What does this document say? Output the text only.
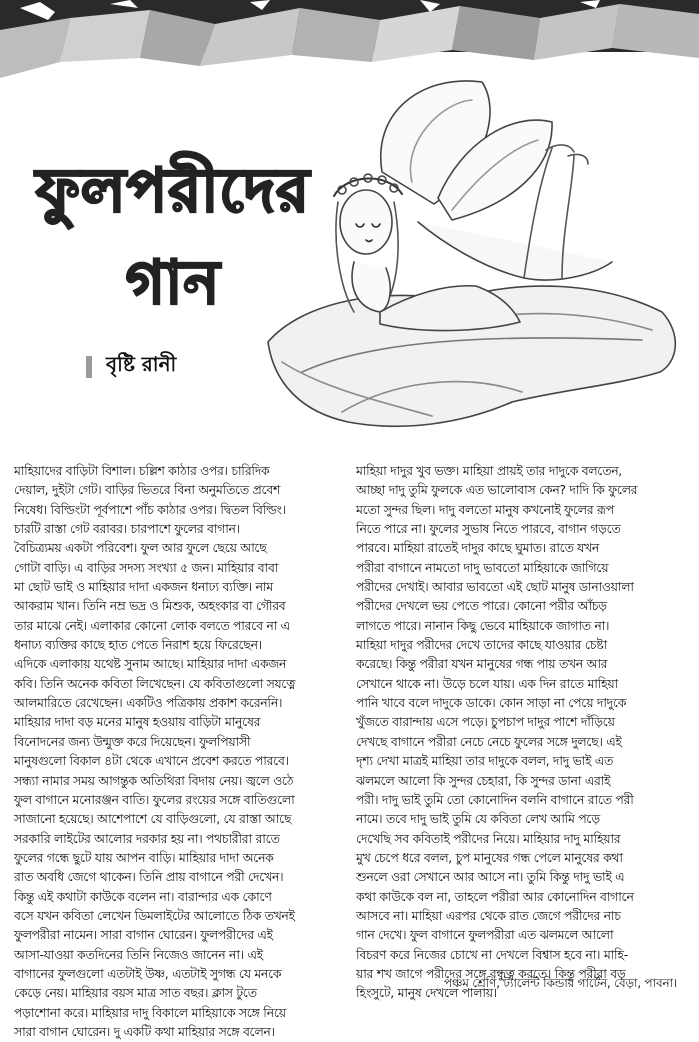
ফুলপরীদের
গান
বৃষ্টি রানী

মাহিয়াদের বাড়িটা বিশাল। চল্লিশ কাঠার ওপর। চারিদিক

দেয়াল, দুইটা গেট। বাড়ির ভিতরে বিনা অনুমতিতে প্রবেশ

নিষেধ। বিল্ডিংটা পূর্বপাশে পাঁচ কাঠার ওপর। দ্বিতল বিল্ডিং।

চারটি রাস্তা গেট বরাবর। চারপাশে ফুলের বাগান।

বৈচিত্র্যময় একটা পরিবেশ। ফুল আর ফুলে ছেয়ে আছে

গোটা বাড়ি। এ বাড়ির সদস্য সংখ্যা ৫ জন। মাহিয়ার বাবা

মা ছোট ভাই ও মাহিয়ার দাদা একজন ধনাঢ্য ব্যক্তি। নাম

আকরাম খান। তিনি নম্র ভদ্র ও মিশুক, অহংকার বা গৌরব

তার মাঝে নেই। এলাকার কোনো লোক বলতে পারবে না এ

ধনাঢ্য ব্যক্তির কাছে হাত পেতে নিরাশ হয়ে ফিরেছেন।

এদিকে এলাকায় যথেষ্ট সুনাম আছে। মাহিয়ার দাদা একজন

কবি। তিনি অনেক কবিতা লিখেছেন। যে কবিতাগুলো সযত্নে

আলমারিতে রেখেছেন। একটিও পত্রিকায় প্রকাশ করেননি।

মাহিয়ার দাদা বড় মনের মানুষ হওয়ায় বাড়িটা মানুষের

বিনোদনের জন্য উন্মুক্ত করে দিয়েছেন। ফুলপিয়াসী

মানুষগুলো বিকাল ৪টা থেকে এখানে প্রবেশ করতে পারবে।

সন্ধ্যা নামার সময় আগন্তুক অতিথিরা বিদায় নেয়। জ্বলে ওঠে

ফুল বাগানে মনোরঞ্জন বাতি। ফুলের রংয়ের সঙ্গে বাতিগুলো

সাজানো হয়েছে। আশেপাশে যে বাড়িগুলো, যে রাস্তা আছে

সরকারি লাইটের আলোর দরকার হয় না। পথচারীরা রাতে

ফুলের গন্ধে ছুটে যায় আপন বাড়ি। মাহিয়ার দাদা অনেক

রাত অবধি জেগে থাকেন। তিনি প্রায় বাগানে পরী দেখেন।

কিন্তু এই কথাটা কাউকে বলেন না। বারান্দার এক কোণে

বসে যখন কবিতা লেখেন ডিমলাইটের আলোতে ঠিক তখনই

ফুলপরীরা নামেন। সারা বাগান ঘোরেন। ফুলপরীদের এই

আসা-যাওয়া কতদিনের তিনি নিজেও জানেন না। এই

বাগানের ফুলগুলো এতটাই উষ্ণ, এতটাই সুগন্ধ যে মনকে

কেড়ে নেয়। মাহিয়ার বয়স মাত্র সাত বছর। ক্লাস টুতে

পড়াশোনা করে। মাহিয়ার দাদু বিকালে মাহিয়াকে সঙ্গে নিয়ে

সারা বাগান ঘোরেন। দু একটি কথা মাহিয়ার সঙ্গে বলেন।

মাহিয়া দাদুর খুব ভক্ত। মাহিয়া প্রায়ই তার দাদুকে বলতেন,

আচ্ছা দাদু তুমি ফুলকে এত ভালোবাস কেন? দাদি কি ফুলের

মতো সুন্দর ছিল। দাদু বলতো মানুষ কখনোই ফুলের রূপ

নিতে পারে না। ফুলের সুভাষ নিতে পারবে, বাগান গড়তে

পারবে। মাহিয়া রাতেই দাদুর কাছে ঘুমাত। রাতে যখন

পরীরা বাগানে নামতো দাদু ভাবতো মাহিয়াকে জাগিয়ে

পরীদের দেখাই। আবার ভাবতো এই ছোট মানুষ ডানাওয়ালা

পরীদের দেখলে ভয় পেতে পারে। কোনো পরীর আঁচড়

লাগতে পারে। নানান কিছু ভেবে মাহিয়াকে জাগাত না।

মাহিয়া দাদুর পরীদের দেখে তাদের কাছে যাওয়ার চেষ্টা

করেছে। কিন্তু পরীরা যখন মানুষের গন্ধ পায় তখন আর

সেখানে থাকে না। উড়ে চলে যায়। এক দিন রাতে মাহিয়া

পানি খাবে বলে দাদুকে ডাকে। কোন সাড়া না পেয়ে দাদুকে

খুঁজতে বারান্দায় এসে পড়ে। চুপচাপ দাদুর পাশে দাঁড়িয়ে

দেখছে বাগানে পরীরা নেচে নেচে ফুলের সঙ্গে দুলছে। এই

দৃশ্য দেখা মাত্রই মাহিয়া তার দাদুকে বলল, দাদু ভাই এত

ঝলমলে আলো কি সুন্দর চেহারা, কি সুন্দর ডানা এরাই

পরী। দাদু ভাই তুমি তো কোনোদিন বলনি বাগানে রাতে পরী

নামে। তবে দাদু ভাই তুমি যে কবিতা লেখ আমি পড়ে

দেখেছি সব কবিতাই পরীদের নিয়ে। মাহিয়ার দাদু মাহিয়ার

মুখ চেপে ধরে বলল, চুপ মানুষের গন্ধ পেলে মানুষের কথা

শুনলে ওরা সেখানে আর আসে না। তুমি কিন্তু দাদু ভাই এ

কথা কাউকে বল না, তাহলে পরীরা আর কোনোদিন বাগানে

আসবে না। মাহিয়া এরপর থেকে রাত জেগে পরীদের নাচ

গান দেখে। ফুল বাগানে ফুলপরীরা এত ঝলমলে আলো

বিচরণ করে নিজের চোখে না দেখলে বিশ্বাস হবে না। মাহি-

য়ার শখ জাগে পরীদের সঙ্গে বন্ধুত্ব করতে। কিন্তু পরীরা বড়

হিংসুটে, মানুষ দেখলে পালায়।

পঞ্চম শ্রেণি, ট্যালেন্ট কিন্ডার গার্টেন, বেড়া, পাবনা।
